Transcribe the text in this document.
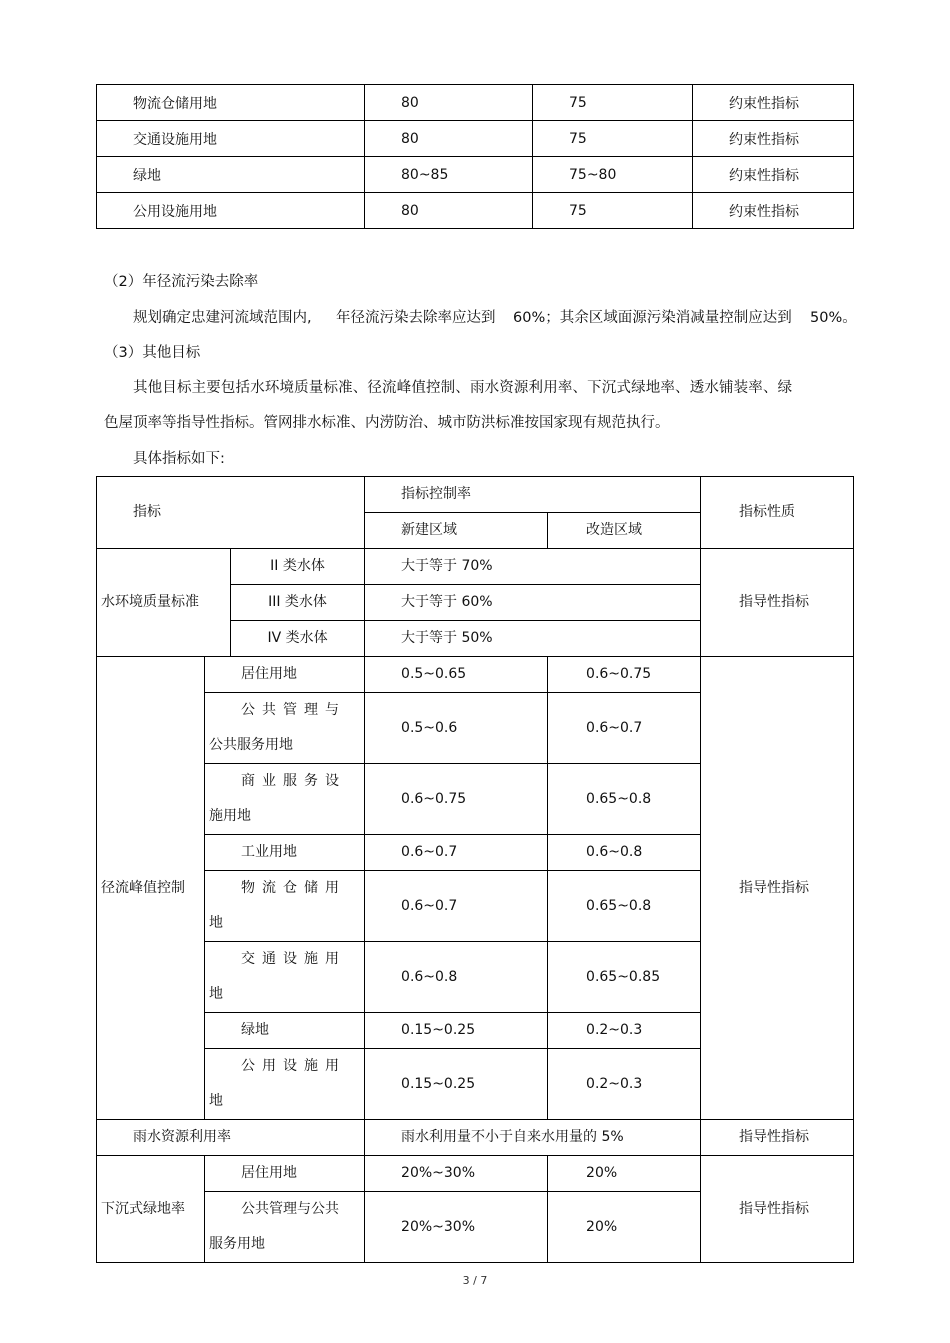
物流仓储用地	80	75	约束性指标
交通设施用地	80	75	约束性指标
绿地	80~85	75~80	约束性指标
公用设施用地	80	75	约束性指标

（2）年径流污染去除率

规划确定忠建河流域范围内, 年径流污染去除率应达到 60%；其余区域面源污染消减量控制应达到 50%。

（3）其他目标

其他目标主要包括水环境质量标准、径流峰值控制、雨水资源利用率、下沉式绿地率、透水铺装率、绿

色屋顶率等指导性指标。管网排水标准、内涝防治、城市防洪标准按国家现有规范执行。

具体指标如下:

指标			指标控制率		指标性质
			新建区域	改造区域	
水环境质量标准		II 类水体	大于等于 70%		指导性指标
		III 类水体	大于等于 60%		
		IV 类水体	大于等于 50%		
径流峰值控制	居住用地		0.5~0.65	0.6~0.75	指导性指标

	公共管理与
公共服务用地		0.5~0.6	0.6~0.7	

	商业服务设
施用地		0.6~0.75	0.65~0.8	
	工业用地		0.6~0.7	0.6~0.8	

	物流仓储用
地		0.6~0.7	0.65~0.8	

	交通设施用
地		0.6~0.8	0.65~0.85	
	绿地		0.15~0.25	0.2~0.3	

	公用设施用
地		0.15~0.25	0.2~0.3	
雨水资源利用率			雨水利用量不小于自来水用量的 5%		指导性指标
下沉式绿地率	居住用地		20%~30%	20%	指导性指标

	公共管理与公共
服务用地		20%~30%	20%	
3 / 7
